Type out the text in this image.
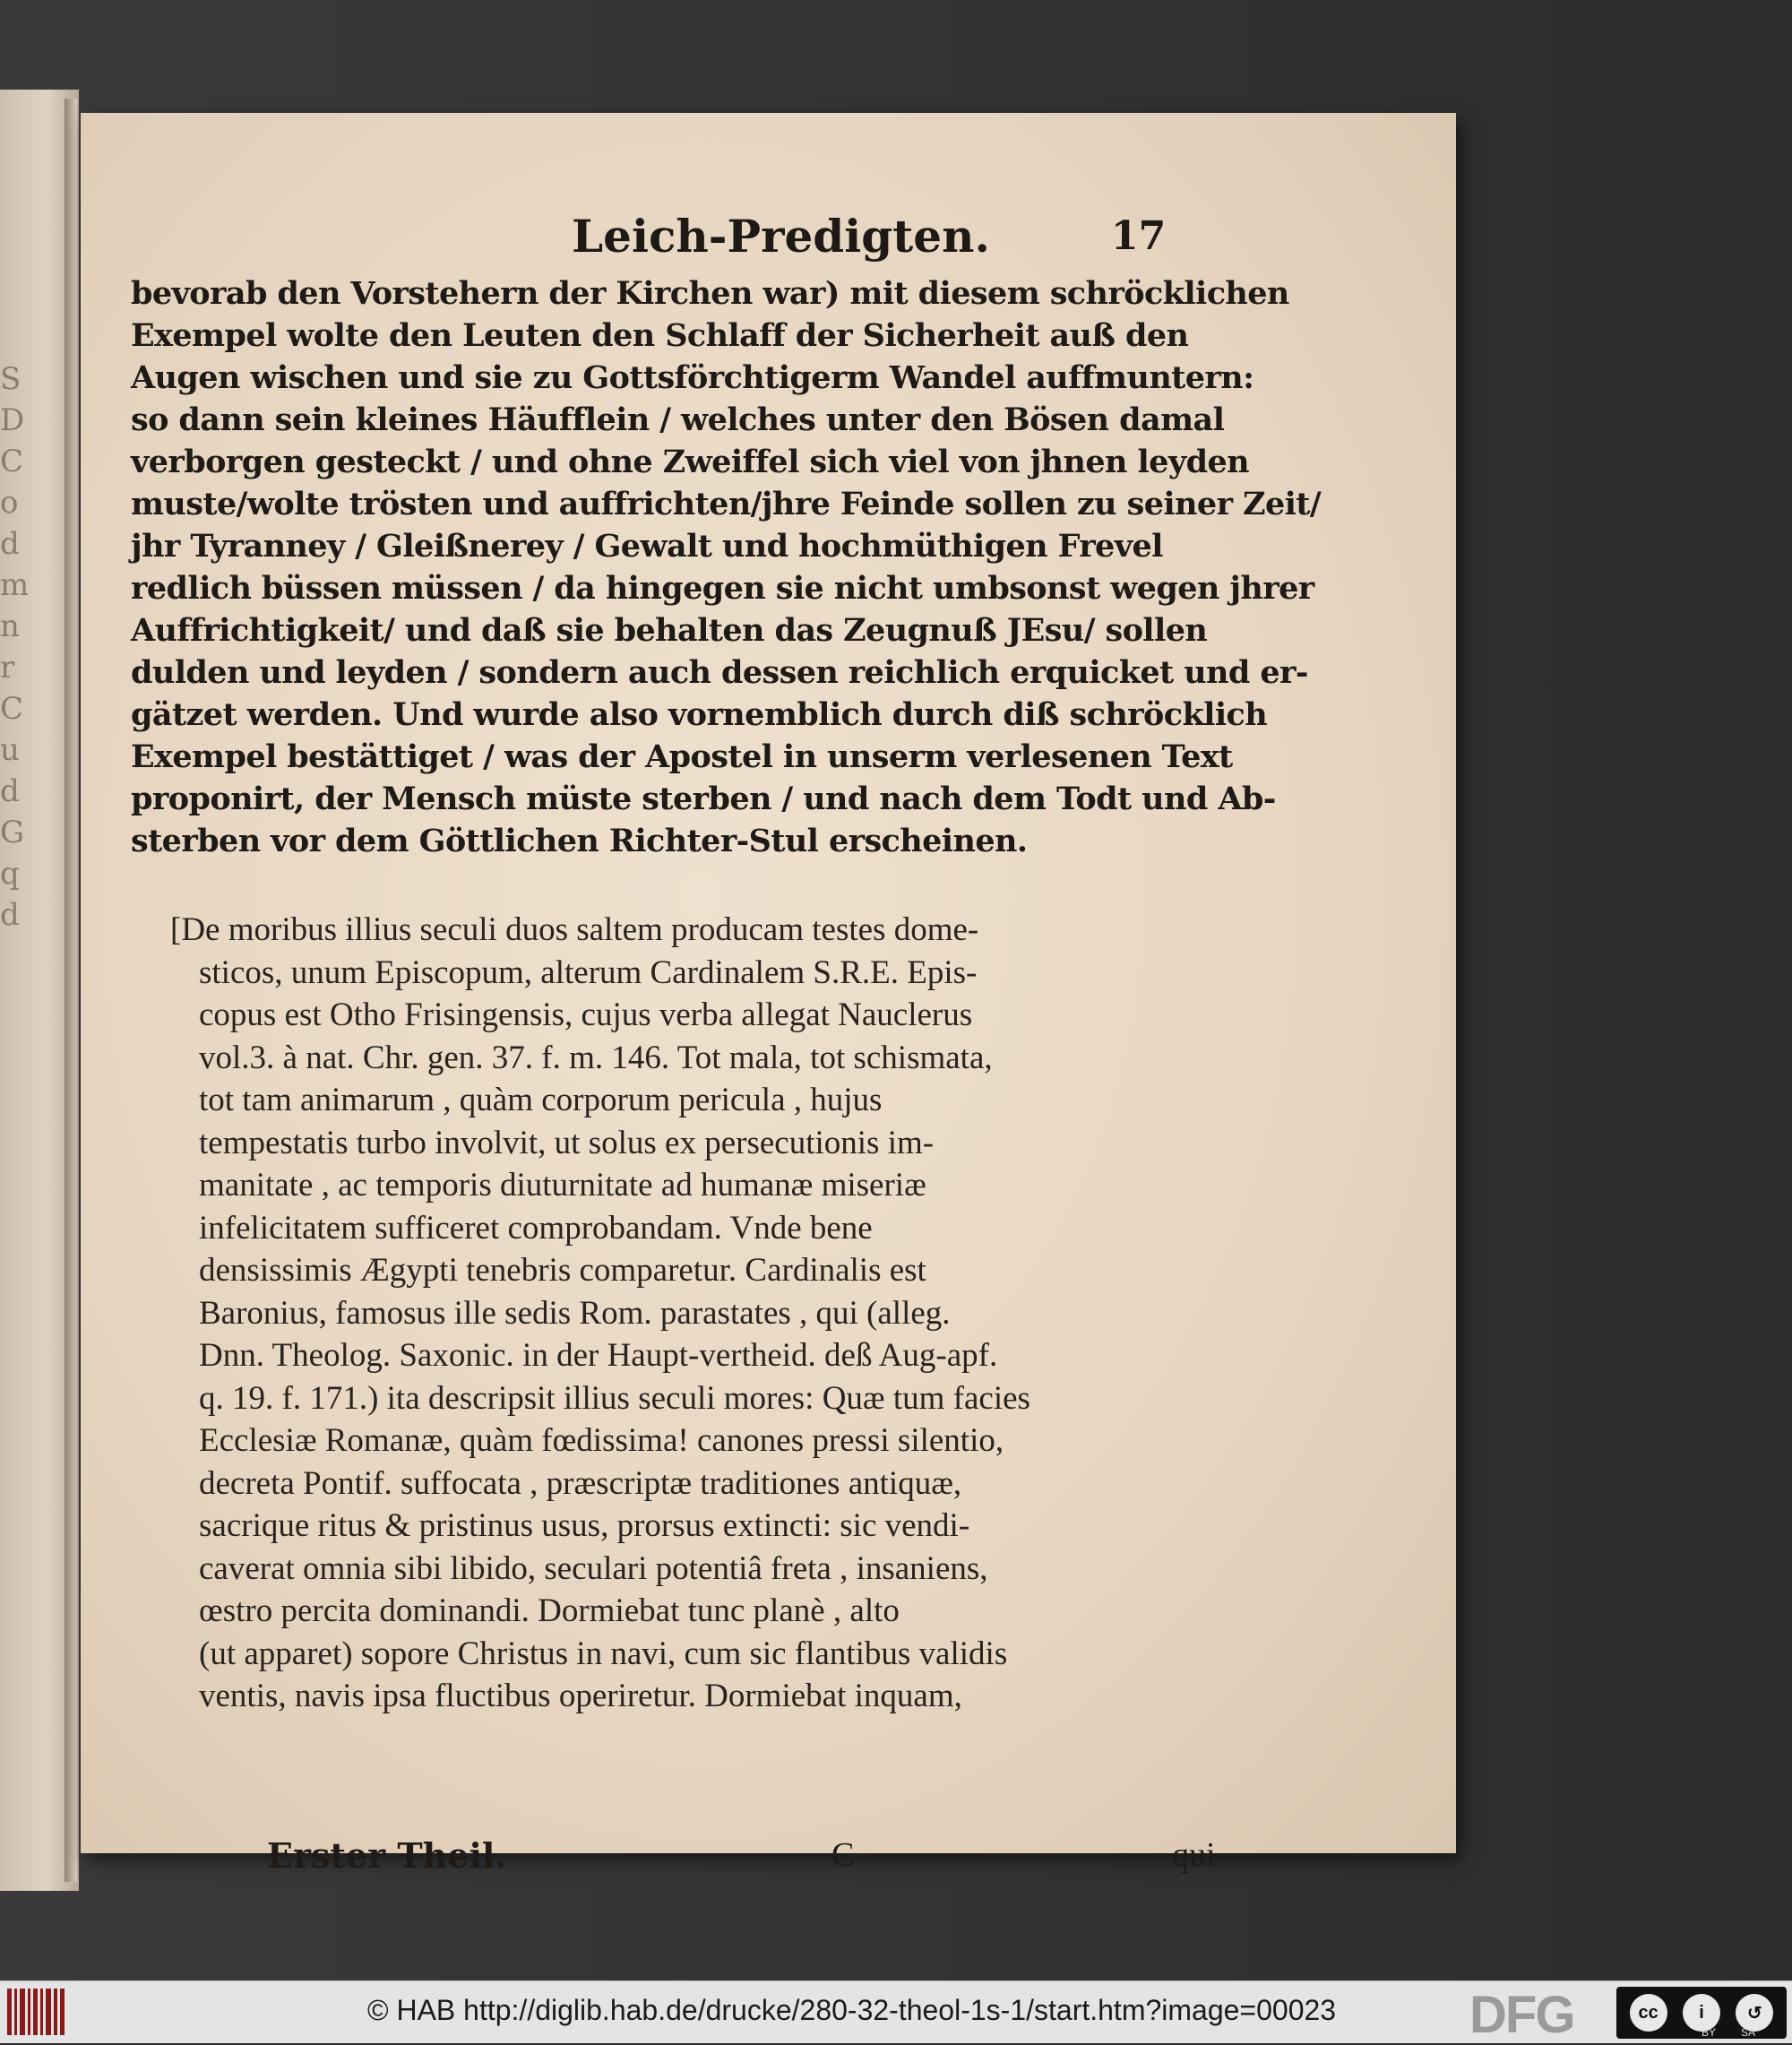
S
D
C
o
d
m
n
r
C
u
d
G
q
d
Leich-Predigten.	17
bevorab den Vorstehern der Kirchen war) mit diesem schröcklichen
Exempel wolte den Leuten den Schlaff der Sicherheit auß den
Augen wischen und sie zu Gottsförchtigerm Wandel auffmuntern:
so dann sein kleines Häufflein / welches unter den Bösen damal
verborgen gesteckt / und ohne Zweiffel sich viel von jhnen leyden
muste/wolte trösten und auffrichten/jhre Feinde sollen zu seiner Zeit/
jhr Tyranney / Gleißnerey / Gewalt und hochmüthigen Frevel
redlich büssen müssen / da hingegen sie nicht umbsonst wegen jhrer
Auffrichtigkeit/ und daß sie behalten das Zeugnuß JEsu/ sollen
dulden und leyden / sondern auch dessen reichlich erquicket und er-
gätzet werden. Und wurde also vornemblich durch diß schröcklich
Exempel bestättiget / was der Apostel in unserm verlesenen Text
proponirt, der Mensch müste sterben / und nach dem Todt und Ab-
sterben vor dem Göttlichen Richter-Stul erscheinen.
[De moribus illius seculi duos saltem producam testes dome-
sticos, unum Episcopum, alterum Cardinalem S.R.E. Epis-
copus est Otho Frisingensis, cujus verba allegat Nauclerus
vol.3. à nat. Chr. gen. 37. f. m. 146. Tot mala, tot schismata,
tot tam animarum , quàm corporum pericula , hujus
tempestatis turbo involvit, ut solus ex persecutionis im-
manitate , ac temporis diuturnitate ad humanæ miseriæ
infelicitatem sufficeret comprobandam. Vnde bene
densissimis Ægypti tenebris comparetur. Cardinalis est
Baronius, famosus ille sedis Rom. parastates , qui (alleg.
Dnn. Theolog. Saxonic. in der Haupt-vertheid. deß Aug-apf.
q. 19. f. 171.) ita descripsit illius seculi mores: Quæ tum facies
Ecclesiæ Romanæ, quàm fœdissima! canones pressi silentio,
decreta Pontif. suffocata , præscriptæ traditiones antiquæ,
sacrique ritus & pristinus usus, prorsus extincti: sic vendi-
caverat omnia sibi libido, seculari potentiâ freta , insaniens,
œstro percita dominandi. Dormiebat tunc planè , alto
(ut apparet) sopore Christus in navi, cum sic flantibus validis
ventis, navis ipsa fluctibus operiretur. Dormiebat inquam,
Erster Theil.	C	qui
© HAB http://diglib.hab.de/drucke/280-32-theol-1s-1/start.htm?image=00023	DFG	cc	i	↺
BY SA
